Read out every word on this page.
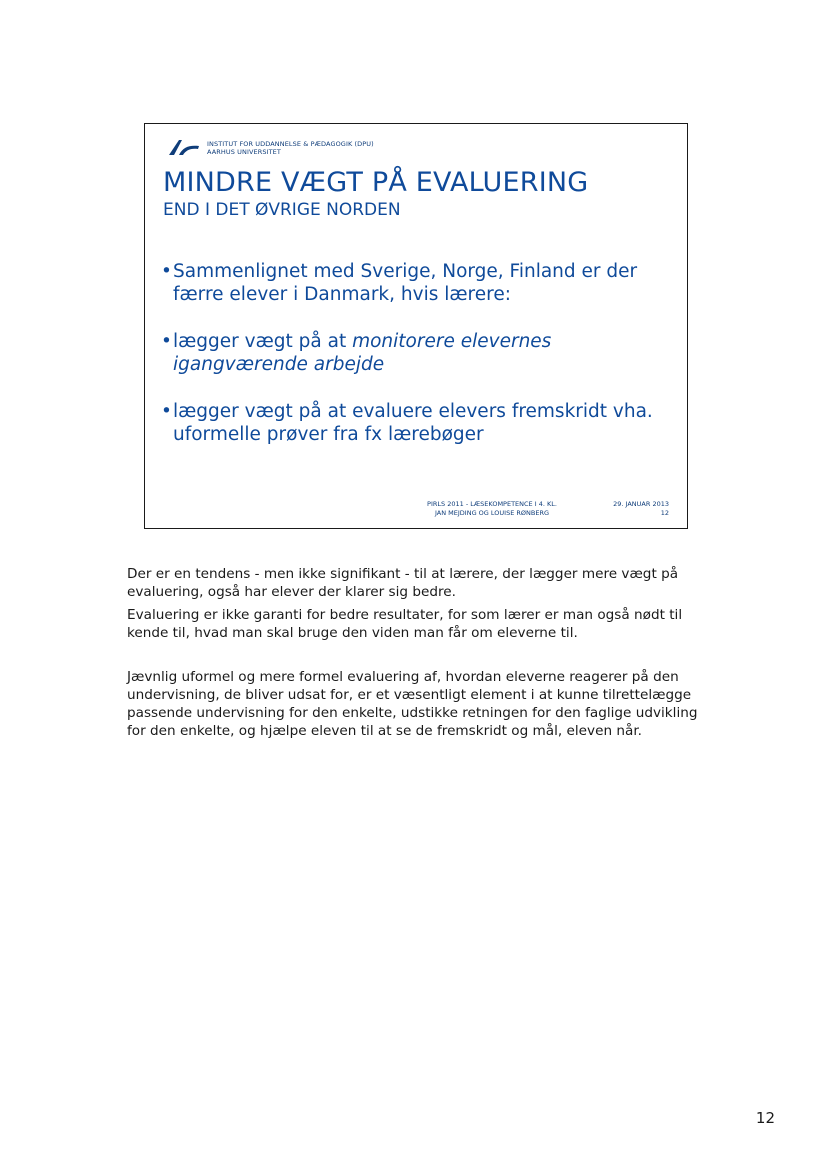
INSTITUT FOR UDDANNELSE & PÆDAGOGIK (DPU)
AARHUS UNIVERSITET
MINDRE VÆGT PÅ EVALUERING
END I DET ØVRIGE NORDEN
• Sammenlignet med Sverige, Norge, Finland er der færre elever i Danmark, hvis lærere:
• lægger vægt på at monitorere elevernes igangværende arbejde
• lægger vægt på at evaluere elevers fremskridt vha. uformelle prøver fra fx lærebøger
PIRLS 2011 - LÆSEKOMPETENCE I 4. KL.
JAN MEJDING OG LOUISE RØNBERG
29. JANUAR 2013
12

Der er en tendens - men ikke signifikant - til at lærere, der lægger mere vægt på evaluering, også har elever der klarer sig bedre.

Evaluering er ikke garanti for bedre resultater, for som lærer er man også nødt til kende til, hvad man skal bruge den viden man får om eleverne til.

Jævnlig uformel og mere formel evaluering af, hvordan eleverne reagerer på den undervisning, de bliver udsat for, er et væsentligt element i at kunne tilrettelægge passende undervisning for den enkelte, udstikke retningen for den faglige udvikling for den enkelte, og hjælpe eleven til at se de fremskridt og mål, eleven når.

12
